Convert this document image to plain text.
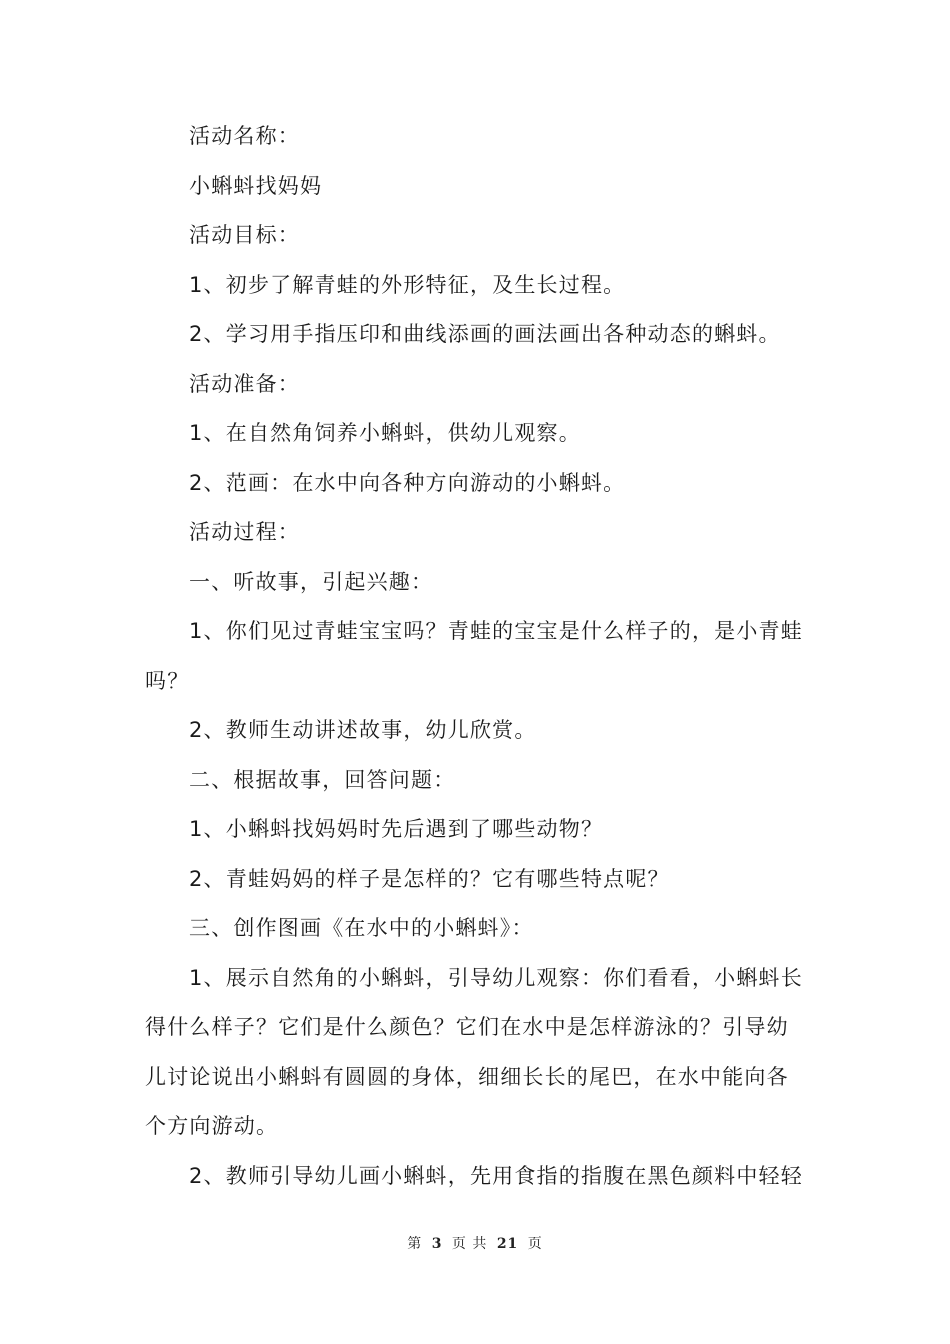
活动名称：

小蝌蚪找妈妈

活动目标：

1、初步了解青蛙的外形特征，及生长过程。

2、学习用手指压印和曲线添画的画法画出各种动态的蝌蚪。

活动准备：

1、在自然角饲养小蝌蚪，供幼儿观察。

2、范画：在水中向各种方向游动的小蝌蚪。

活动过程：

一、听故事，引起兴趣：

1、你们见过青蛙宝宝吗？青蛙的宝宝是什么样子的，是小青蛙吗？

2、教师生动讲述故事，幼儿欣赏。

二、根据故事，回答问题：

1、小蝌蚪找妈妈时先后遇到了哪些动物？

2、青蛙妈妈的样子是怎样的？它有哪些特点呢？

三、创作图画《在水中的小蝌蚪》：

1、展示自然角的小蝌蚪，引导幼儿观察：你们看看，小蝌蚪长得什么样子？它们是什么颜色？它们在水中是怎样游泳的？引导幼儿讨论说出小蝌蚪有圆圆的身体，细细长长的尾巴，在水中能向各个方向游动。

2、教师引导幼儿画小蝌蚪，先用食指的指腹在黑色颜料中轻轻

第 3 页 共 21 页
